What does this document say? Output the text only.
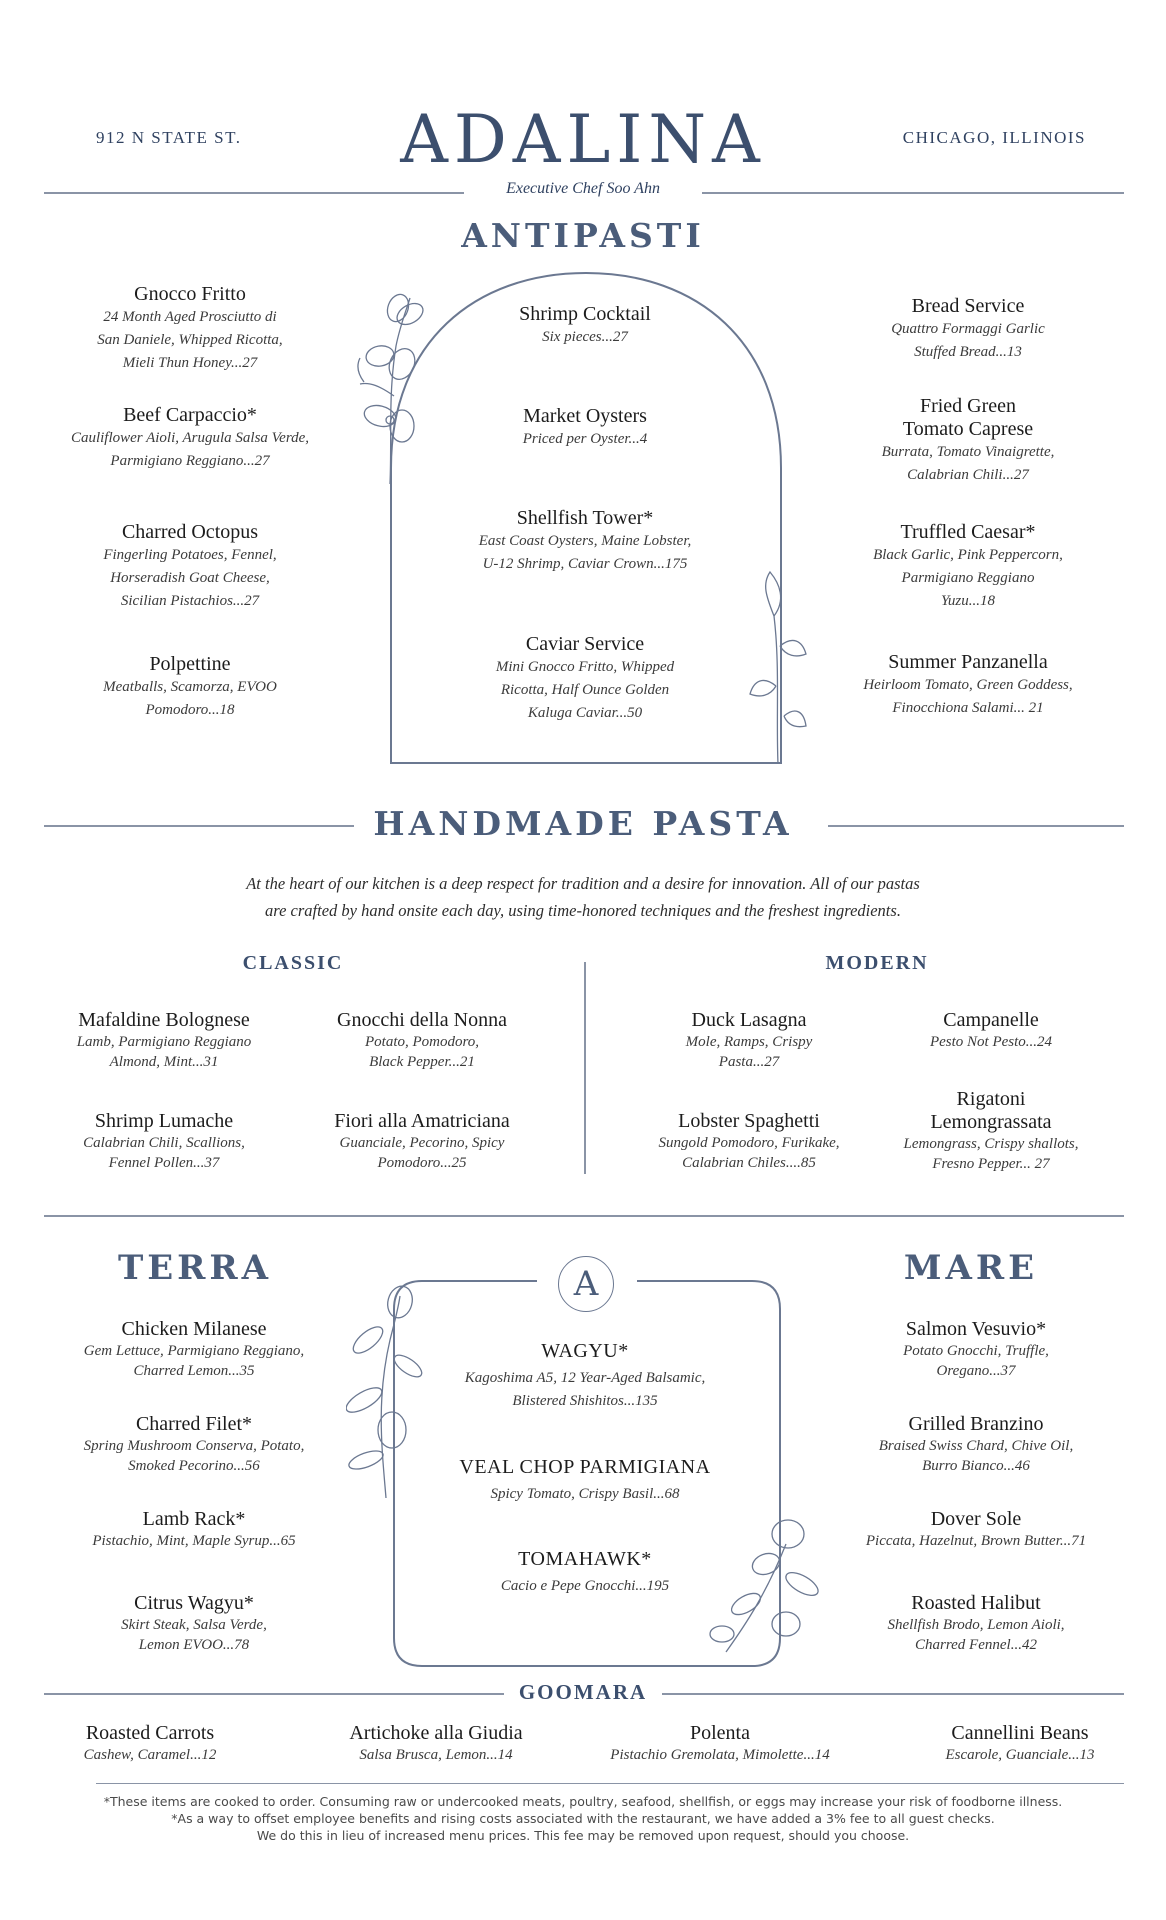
912 N STATE ST.	ADALINA	CHICAGO, ILLINOIS
Executive Chef Soo Ahn
ANTIPASTI
Gnocco Fritto
24 Month Aged Prosciutto di
San Daniele, Whipped Ricotta,
Mieli Thun Honey...27
Beef Carpaccio*
Cauliflower Aioli, Arugula Salsa Verde,
Parmigiano Reggiano...27
Charred Octopus
Fingerling Potatoes, Fennel,
Horseradish Goat Cheese,
Sicilian Pistachios...27
Polpettine
Meatballs, Scamorza, EVOO
Pomodoro...18
Shrimp Cocktail
Six pieces...27
Market Oysters
Priced per Oyster...4
Shellfish Tower*
East Coast Oysters, Maine Lobster,
U-12 Shrimp, Caviar Crown...175
Caviar Service
Mini Gnocco Fritto, Whipped
Ricotta, Half Ounce Golden
Kaluga Caviar...50
Bread Service
Quattro Formaggi Garlic
Stuffed Bread...13
Fried Green
Tomato Caprese
Burrata, Tomato Vinaigrette,
Calabrian Chili...27
Truffled Caesar*
Black Garlic, Pink Peppercorn,
Parmigiano Reggiano
Yuzu...18
Summer Panzanella
Heirloom Tomato, Green Goddess,
Finocchiona Salami... 21
HANDMADE PASTA
At the heart of our kitchen is a deep respect for tradition and a desire for innovation. All of our pastas
are crafted by hand onsite each day, using time-honored techniques and the freshest ingredients.
CLASSIC	MODERN
Mafaldine Bolognese
Lamb, Parmigiano Reggiano
Almond, Mint...31
Gnocchi della Nonna
Potato, Pomodoro,
Black Pepper...21
Shrimp Lumache
Calabrian Chili, Scallions,
Fennel Pollen...37
Fiori alla Amatriciana
Guanciale, Pecorino, Spicy
Pomodoro...25
Duck Lasagna
Mole, Ramps, Crispy
Pasta...27
Campanelle
Pesto Not Pesto...24
Lobster Spaghetti
Sungold Pomodoro, Furikake,
Calabrian Chiles....85
Rigatoni
Lemongrassata
Lemongrass, Crispy shallots,
Fresno Pepper... 27
TERRA	MARE
A
Chicken Milanese
Gem Lettuce, Parmigiano Reggiano,
Charred Lemon...35
Charred Filet*
Spring Mushroom Conserva, Potato,
Smoked Pecorino...56
Lamb Rack*
Pistachio, Mint, Maple Syrup...65
Citrus Wagyu*
Skirt Steak, Salsa Verde,
Lemon EVOO...78
WAGYU*
Kagoshima A5, 12 Year-Aged Balsamic,
Blistered Shishitos...135
VEAL CHOP PARMIGIANA
Spicy Tomato, Crispy Basil...68
TOMAHAWK*
Cacio e Pepe Gnocchi...195
Salmon Vesuvio*
Potato Gnocchi, Truffle,
Oregano...37
Grilled Branzino
Braised Swiss Chard, Chive Oil,
Burro Bianco...46
Dover Sole
Piccata, Hazelnut, Brown Butter...71
Roasted Halibut
Shellfish Brodo, Lemon Aioli,
Charred Fennel...42
GOOMARA
Roasted Carrots
Cashew, Caramel...12
Artichoke alla Giudia
Salsa Brusca, Lemon...14
Polenta
Pistachio Gremolata, Mimolette...14
Cannellini Beans
Escarole, Guanciale...13
*These items are cooked to order. Consuming raw or undercooked meats, poultry, seafood, shellfish, or eggs may increase your risk of foodborne illness.
*As a way to offset employee benefits and rising costs associated with the restaurant, we have added a 3% fee to all guest checks.
We do this in lieu of increased menu prices. This fee may be removed upon request, should you choose.
